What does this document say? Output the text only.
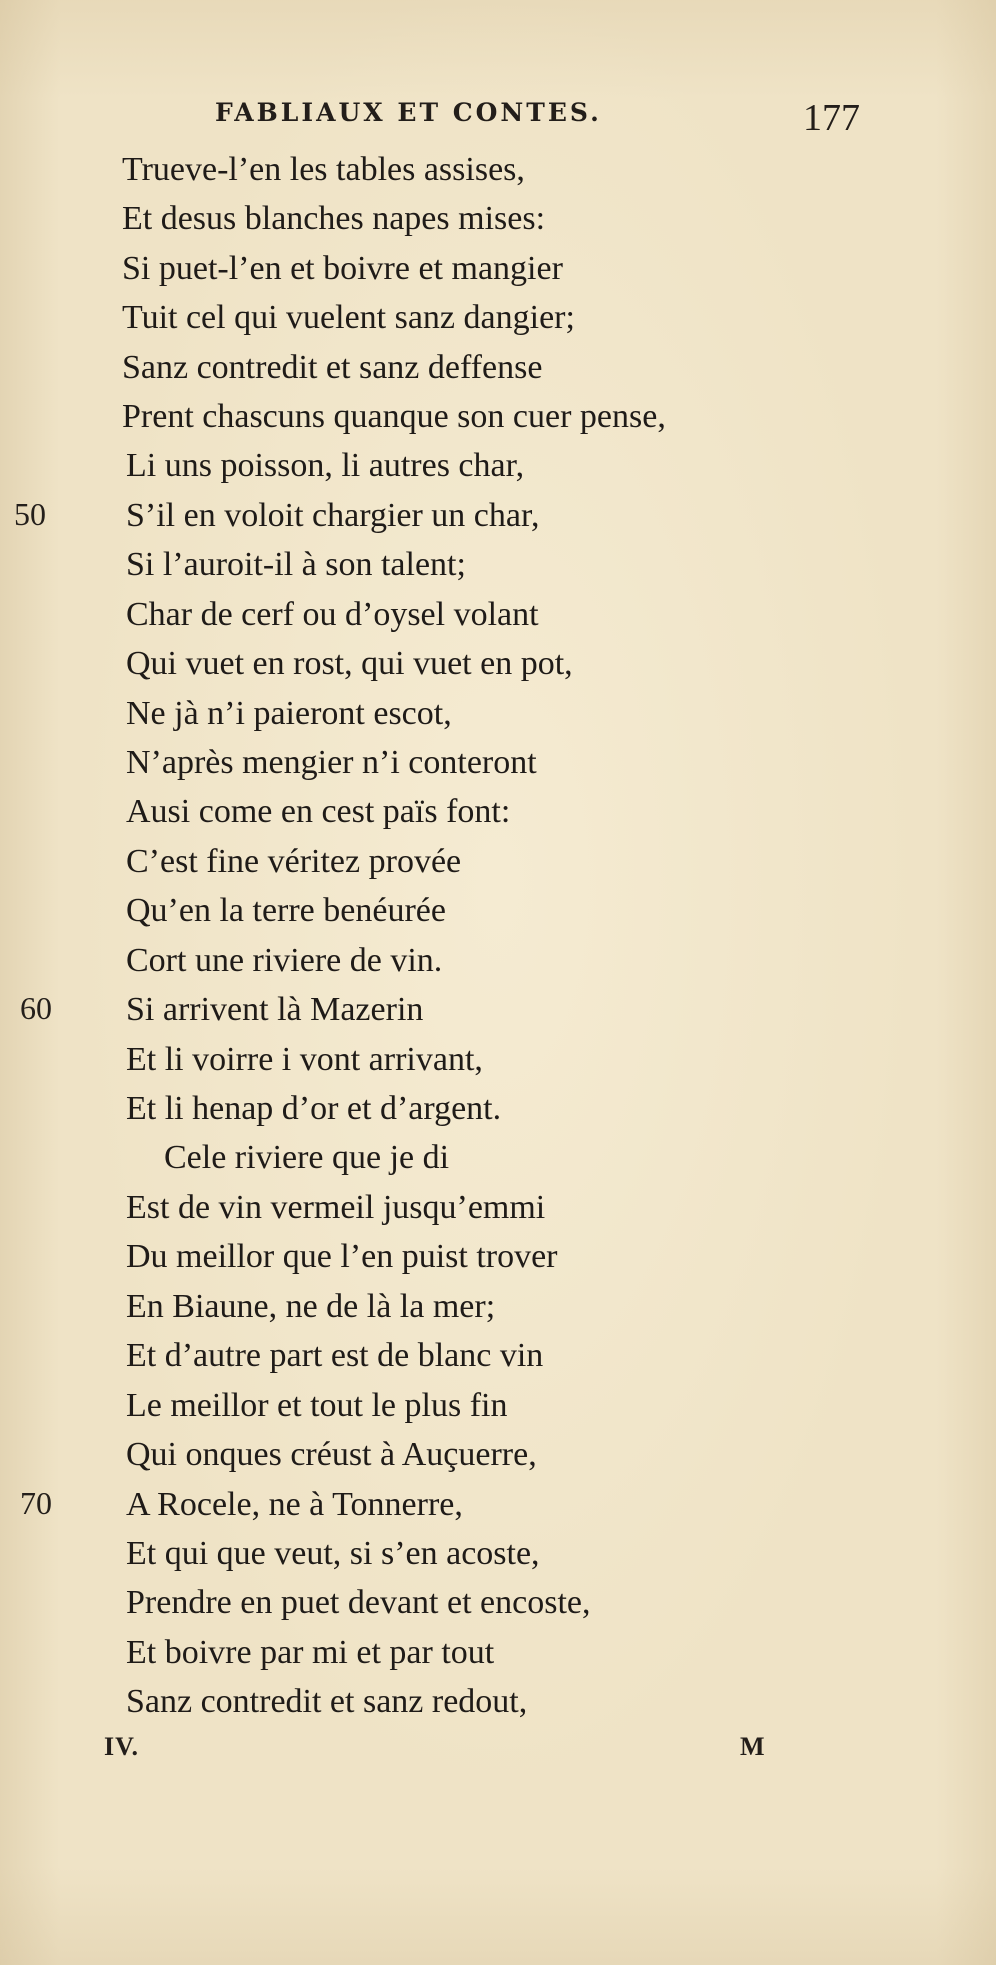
FABLIAUX ET CONTES.	177
Trueve-l’en les tables assises,
Et desus blanches napes mises:
Si puet-l’en et boivre et mangier
Tuit cel qui vuelent sanz dangier;
Sanz contredit et sanz deffense
Prent chascuns quanque son cuer pense,
Li uns poisson, li autres char,
50 S’il en voloit chargier un char,
Si l’auroit-il à son talent;
Char de cerf ou d’oysel volant
Qui vuet en rost, qui vuet en pot,
Ne jà n’i paieront escot,
N’après mengier n’i conteront
Ausi come en cest païs font:
C’est fine véritez provée
Qu’en la terre benéurée
Cort une riviere de vin.
60 Si arrivent là Mazerin
Et li voirre i vont arrivant,
Et li henap d’or et d’argent.
Cele riviere que je di
Est de vin vermeil jusqu’emmi
Du meillor que l’en puist trover
En Biaune, ne de là la mer;
Et d’autre part est de blanc vin
Le meillor et tout le plus fin
Qui onques créust à Auçuerre,
70 A Rocele, ne à Tonnerre,
Et qui que veut, si s’en acoste,
Prendre en puet devant et encoste,
Et boivre par mi et par tout
Sanz contredit et sanz redout,
IV.	M
